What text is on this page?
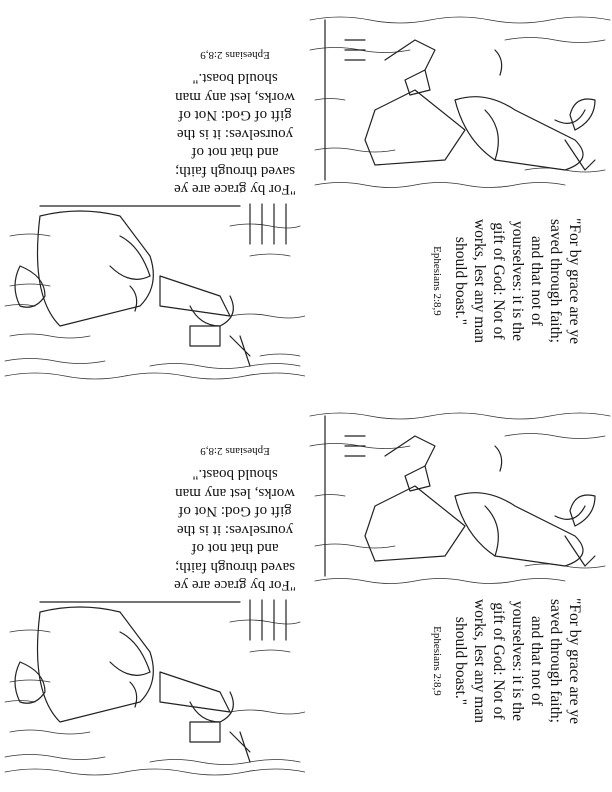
"For by grace are ye
saved through faith;
and that not of
yourselves: it is the
gift of God: Not of
works, lest any man
should boast."
Ephesians 2:8,9
"For by grace are ye
saved through faith;
and that not of
yourselves: it is the
gift of God: Not of
works, lest any man
should boast."
Ephesians 2:8,9
"For by grace are ye
saved through faith;
and that not of
yourselves: it is the
gift of God: Not of
works, lest any man
should boast."
Ephesians 2:8,9
"For by grace are ye
saved through faith;
and that not of
yourselves: it is the
gift of God: Not of
works, lest any man
should boast."
Ephesians 2:8,9
